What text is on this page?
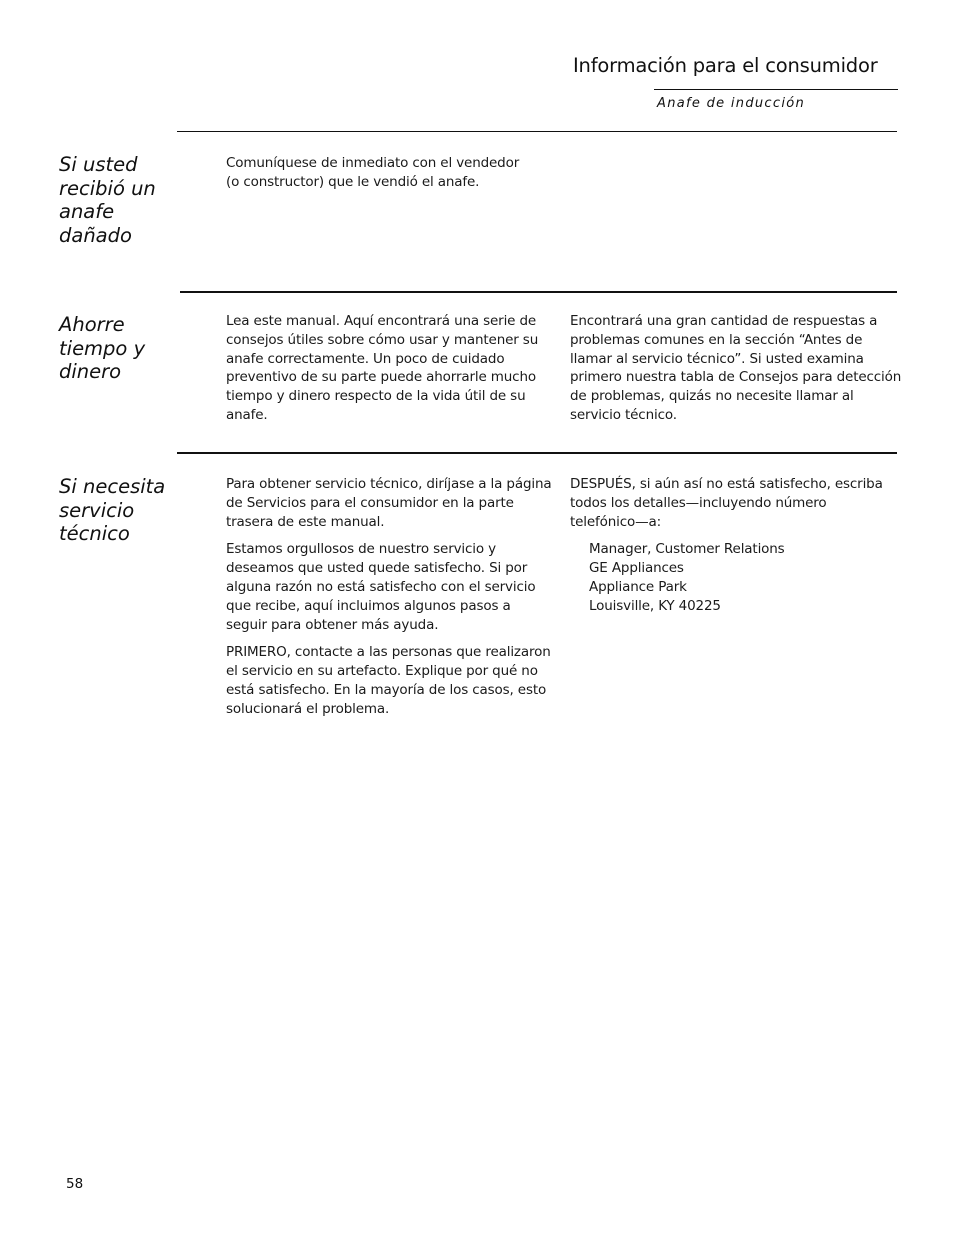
Información para el consumidor
Anafe de inducción
Si usted
recibió un
anafe
dañado

Comuníquese de inmediato con el vendedor
(o constructor) que le vendió el anafe.

Ahorre
tiempo y
dinero

Lea este manual. Aquí encontrará una serie de
consejos útiles sobre cómo usar y mantener su
anafe correctamente. Un poco de cuidado
preventivo de su parte puede ahorrarle mucho
tiempo y dinero respecto de la vida útil de su
anafe.

Encontrará una gran cantidad de respuestas a
problemas comunes en la sección “Antes de
llamar al servicio técnico”. Si usted examina
primero nuestra tabla de Consejos para detección
de problemas, quizás no necesite llamar al
servicio técnico.

Si necesita
servicio
técnico

Para obtener servicio técnico, diríjase a la página
de Servicios para el consumidor en la parte
trasera de este manual.

Estamos orgullosos de nuestro servicio y
deseamos que usted quede satisfecho. Si por
alguna razón no está satisfecho con el servicio
que recibe, aquí incluimos algunos pasos a
seguir para obtener más ayuda.

PRIMERO, contacte a las personas que realizaron
el servicio en su artefacto. Explique por qué no
está satisfecho. En la mayoría de los casos, esto
solucionará el problema.

DESPUÉS, si aún así no está satisfecho, escriba
todos los detalles—incluyendo número
telefónico—a:

Manager, Customer Relations
GE Appliances
Appliance Park
Louisville, KY 40225
58
